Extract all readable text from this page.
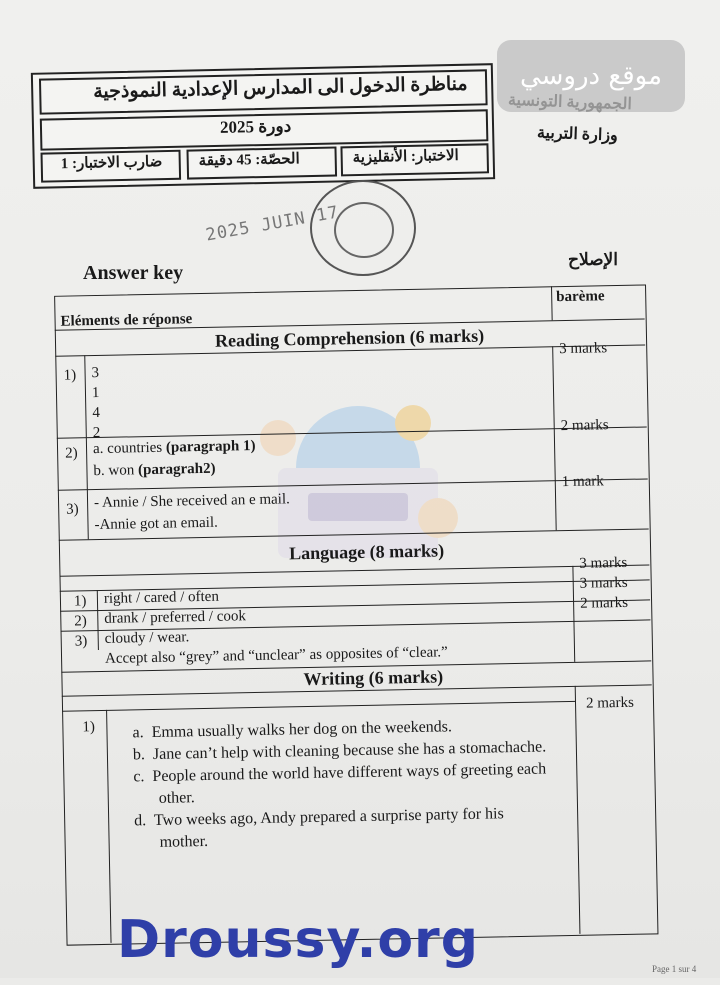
وزارة التربية
مناظرة الدخول الى المدارس الإعدادية النموذجية
دورة 2025
الاختبار: الأنقليزية
الحصّة: 45 دقيقة
ضارب الاختبار: 1
موقع دروسي
2025 JUIN 17
Answer key
الإصلاح
Eléments de réponse
barème
Reading Comprehension (6 marks)
1) 3
1
4
2
3 marks
2) a. countries (paragraph 1)
b. won (paragrah2)
2 marks
3) - Annie / She received an e mail.
-Annie got an email.
1 mark
Language (8 marks)	3 marks
1) right / cared / often
3 marks
2) drank / preferred / cook
2 marks
3) cloudy / wear.
Accept also “grey” and “unclear” as opposites of “clear.”
Writing (6 marks)
1)
2 marks
a. Emma usually walks her dog on the weekends.
b. Jane can’t help with cleaning because she has a stomachache.
c. People around the world have different ways of greeting each
other.
d. Two weeks ago, Andy prepared a surprise party for his
mother.
Droussy.org	Page 1 sur 4
